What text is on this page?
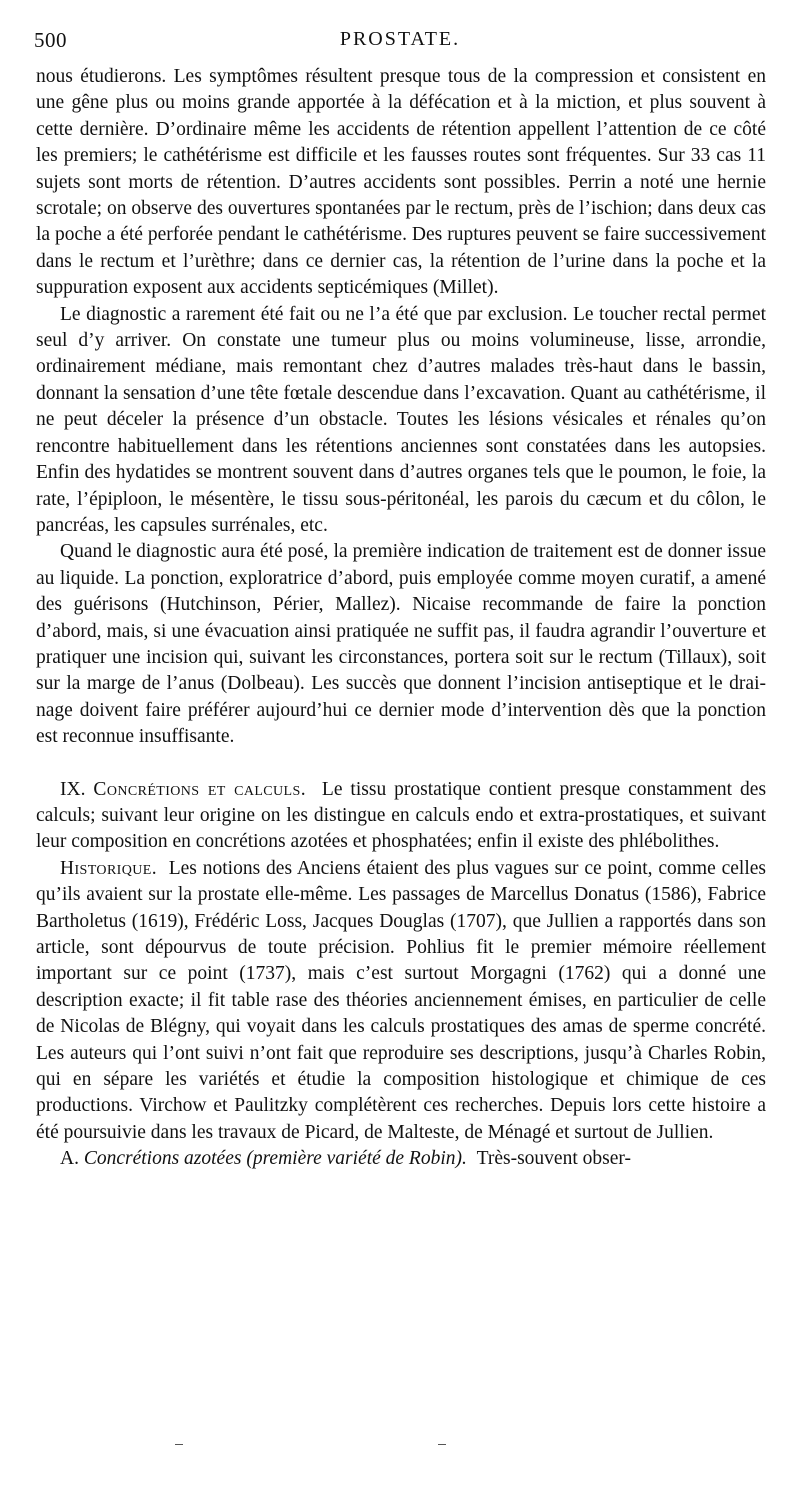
500	PROSTATE.

nous étudierons. Les symptômes résultent presque tous de la compression et consistent en une gêne plus ou moins grande apportée à la défécation et à la miction, et plus souvent à cette dernière. D’ordinaire même les accidents de rétention appellent l’attention de ce côté les premiers; le cathétérisme est difficile et les fausses routes sont fréquentes. Sur 33 cas 11 sujets sont morts de rétention. D’autres accidents sont possibles. Perrin a noté une hernie scrotale; on observe des ouvertures spontanées par le rectum, près de l’ischion; dans deux cas la poche a été perforée pendant le cathétérisme. Des ruptures peuvent se faire successivement dans le rectum et l’urèthre; dans ce dernier cas, la rétention de l’urine dans la poche et la suppuration exposent aux accidents septicémiques (Millet).

Le diagnostic a rarement été fait ou ne l’a été que par exclusion. Le toucher rectal permet seul d’y arriver. On constate une tumeur plus ou moins volumineuse, lisse, arrondie, ordinairement médiane, mais remontant chez d’autres malades très-haut dans le bassin, donnant la sensation d’une tête fœtale descendue dans l’excavation. Quant au cathétérisme, il ne peut déceler la présence d’un obstacle. Toutes les lésions vésicales et rénales qu’on rencontre habituellement dans les rétentions anciennes sont constatées dans les autopsies. Enfin des hydatides se montrent souvent dans d’autres organes tels que le poumon, le foie, la rate, l’épiploon, le mésentère, le tissu sous-péritonéal, les parois du cæcum et du côlon, le pancréas, les capsules surrénales, etc.

Quand le diagnostic aura été posé, la première indication de traitement est de donner issue au liquide. La ponction, exploratrice d’abord, puis employée comme moyen curatif, a amené des guérisons (Hutchinson, Périer, Mallez). Nicaise recommande de faire la ponction d’abord, mais, si une évacuation ainsi pratiquée ne suffit pas, il faudra agrandir l’ouverture et pratiquer une incision qui, suivant les circonstances, portera soit sur le rectum (Tillaux), soit sur la marge de l’anus (Dolbeau). Les succès que donnent l’incision antiseptique et le drainage doivent faire préférer aujourd’hui ce dernier mode d’intervention dès que la ponction est reconnue insuffisante.

IX. Concrétions et calculs. Le tissu prostatique contient presque constamment des calculs; suivant leur origine on les distingue en calculs endo et extra-prostatiques, et suivant leur composition en concrétions azotées et phosphatées; enfin il existe des phlébolithes.

Historique. Les notions des Anciens étaient des plus vagues sur ce point, comme celles qu’ils avaient sur la prostate elle-même. Les passages de Marcellus Donatus (1586), Fabrice Bartholetus (1619), Frédéric Loss, Jacques Douglas (1707), que Jullien a rapportés dans son article, sont dépourvus de toute précision. Pohlius fit le premier mémoire réellement important sur ce point (1737), mais c’est surtout Morgagni (1762) qui a donné une description exacte; il fit table rase des théories anciennement émises, en particulier de celle de Nicolas de Blégny, qui voyait dans les calculs prostatiques des amas de sperme concrété. Les auteurs qui l’ont suivi n’ont fait que reproduire ses descriptions, jusqu’à Charles Robin, qui en sépare les variétés et étudie la composition histologique et chimique de ces productions. Virchow et Paulitzky complétèrent ces recherches. Depuis lors cette histoire a été poursuivie dans les travaux de Picard, de Malteste, de Ménagé et surtout de Jullien.

A. Concrétions azotées (première variété de Robin). Très-souvent obser-
